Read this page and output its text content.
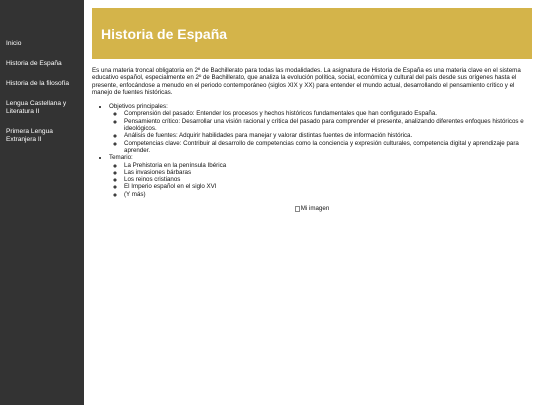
Inicio
Historia de España
Historia de la filosofía
Lengua Castellana y Literatura II
Primera Lengua Extranjera II
Historia de España

Es una materia troncal obligatoria en 2º de Bachillerato para todas las modalidades. La asignatura de Historia de España es una materia clave en el sistema educativo español, especialmente en 2º de Bachillerato, que analiza la evolución política, social, económica y cultural del país desde sus orígenes hasta el presente, enfocándose a menudo en el periodo contemporáneo (siglos XIX y XX) para entender el mundo actual, desarrollando el pensamiento crítico y el manejo de fuentes históricas.

• Objetivos principales:
◦ Comprensión del pasado: Entender los procesos y hechos históricos fundamentales que han configurado España.
◦ Pensamiento crítico: Desarrollar una visión racional y crítica del pasado para comprender el presente, analizando diferentes enfoques históricos e ideológicos.
◦ Análisis de fuentes: Adquirir habilidades para manejar y valorar distintas fuentes de información histórica.
◦ Competencias clave: Contribuir al desarrollo de competencias como la conciencia y expresión culturales, competencia digital y aprendizaje para aprender.
• Temario:
◦ La Prehistoria en la península Ibérica
◦ Las invasiones bárbaras
◦ Los reinos cristianos
◦ El Imperio español en el siglo XVI
◦ (Y más)
Mi imagen
